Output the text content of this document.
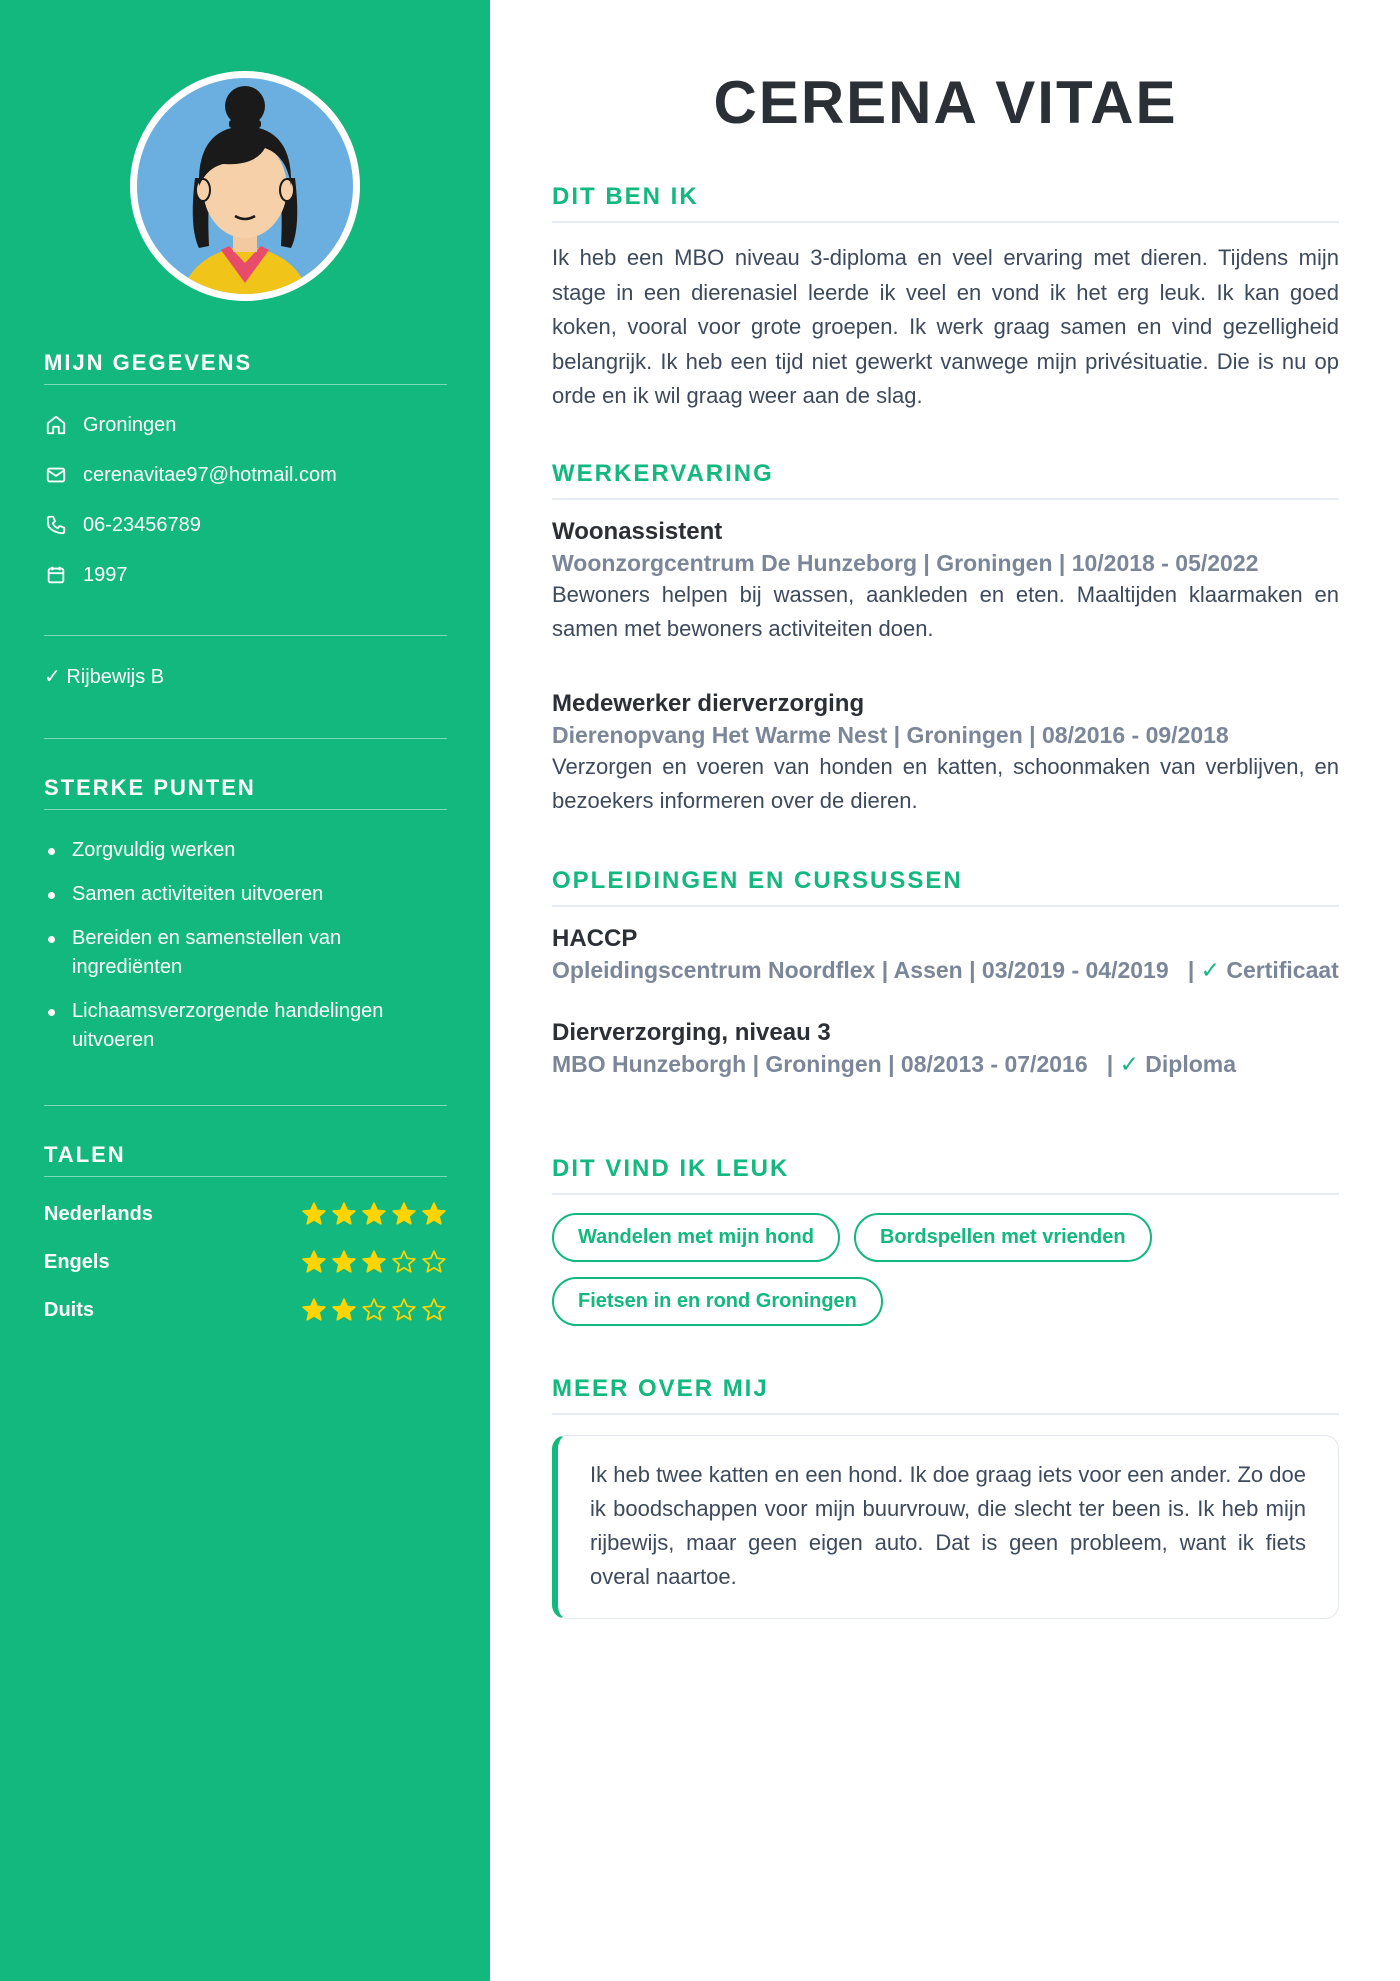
MIJN GEGEVENS
Groningen
cerenavitae97@hotmail.com
06-23456789
1997
✓ Rijbewijs B
STERKE PUNTEN
Zorgvuldig werken
Samen activiteiten uitvoeren
Bereiden en samenstellen van ingrediënten
Lichaamsverzorgende handelingen uitvoeren
TALEN
Nederlands
Engels
Duits
CERENA VITAE
DIT BEN IK

Ik heb een MBO niveau 3-diploma en veel ervaring met dieren. Tijdens mijn stage in een dierenasiel leerde ik veel en vond ik het erg leuk. Ik kan goed koken, vooral voor grote groepen. Ik werk graag samen en vind gezelligheid belangrijk. Ik heb een tijd niet gewerkt vanwege mijn privésituatie. Die is nu op orde en ik wil graag weer aan de slag.

WERKERVARING
Woonassistent
Woonzorgcentrum De Hunzeborg | Groningen | 10/2018 - 05/2022
Bewoners helpen bij wassen, aankleden en eten. Maaltijden klaarmaken en samen met bewoners activiteiten doen.
Medewerker dierverzorging
Dierenopvang Het Warme Nest | Groningen | 08/2016 - 09/2018
Verzorgen en voeren van honden en katten, schoonmaken van verblijven, en bezoekers informeren over de dieren.
OPLEIDINGEN EN CURSUSSEN
HACCP
Opleidingscentrum Noordflex | Assen | 03/2019 - 04/2019 | ✓ Certificaat
Dierverzorging, niveau 3
MBO Hunzeborgh | Groningen | 08/2013 - 07/2016 | ✓ Diploma
DIT VIND IK LEUK
Wandelen met mijn hond	Bordspellen met vrienden
Fietsen in en rond Groningen
MEER OVER MIJ

Ik heb twee katten en een hond. Ik doe graag iets voor een ander. Zo doe ik boodschappen voor mijn buurvrouw, die slecht ter been is. Ik heb mijn rijbewijs, maar geen eigen auto. Dat is geen probleem, want ik fiets overal naartoe.
